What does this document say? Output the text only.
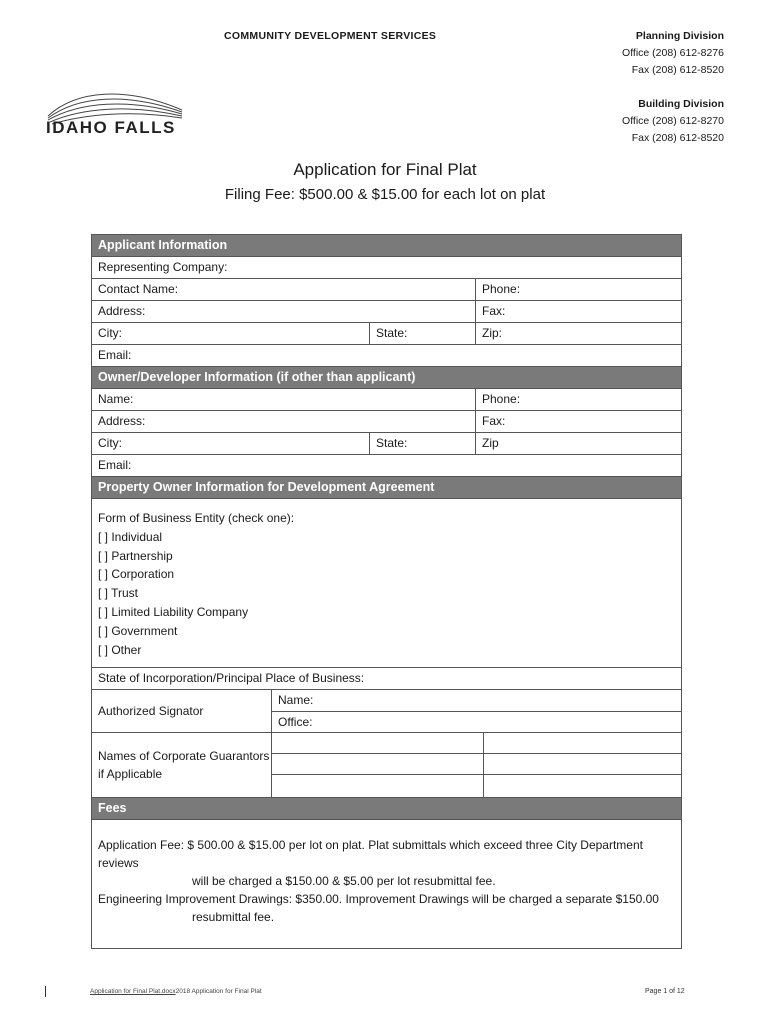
COMMUNITY DEVELOPMENT SERVICES	Planning Division
Office (208) 612-8276
Fax (208) 612-8520
Building Division
Office (208) 612-8270
Fax (208) 612-8520
IDAHO FALLS
Application for Final Plat
Filing Fee: $500.00 & $15.00 for each lot on plat
Applicant Information
Representing Company:
Contact Name:	Phone:
Address:	Fax:
City:	State:	Zip:
Email:
Owner/Developer Information (if other than applicant)
Name:	Phone:
Address:	Fax:
City:	State:	Zip
Email:
Property Owner Information for Development Agreement
Form of Business Entity (check one):
[ ] Individual
[ ] Partnership
[ ] Corporation
[ ] Trust
[ ] Limited Liability Company
[ ] Government
[ ] Other
State of Incorporation/Principal Place of Business:
Authorized Signator
Name:
Office:
Names of Corporate Guarantors
if Applicable
Fees
Application Fee: $ 500.00 & $15.00 per lot on plat. Plat submittals which exceed three City Department reviews
will be charged a $150.00 & $5.00 per lot resubmittal fee.
Engineering Improvement Drawings: $350.00. Improvement Drawings will be charged a separate $150.00
resubmittal fee.
Application for Final Plat.docx2018 Application for Final Plat	Page 1 of 12
